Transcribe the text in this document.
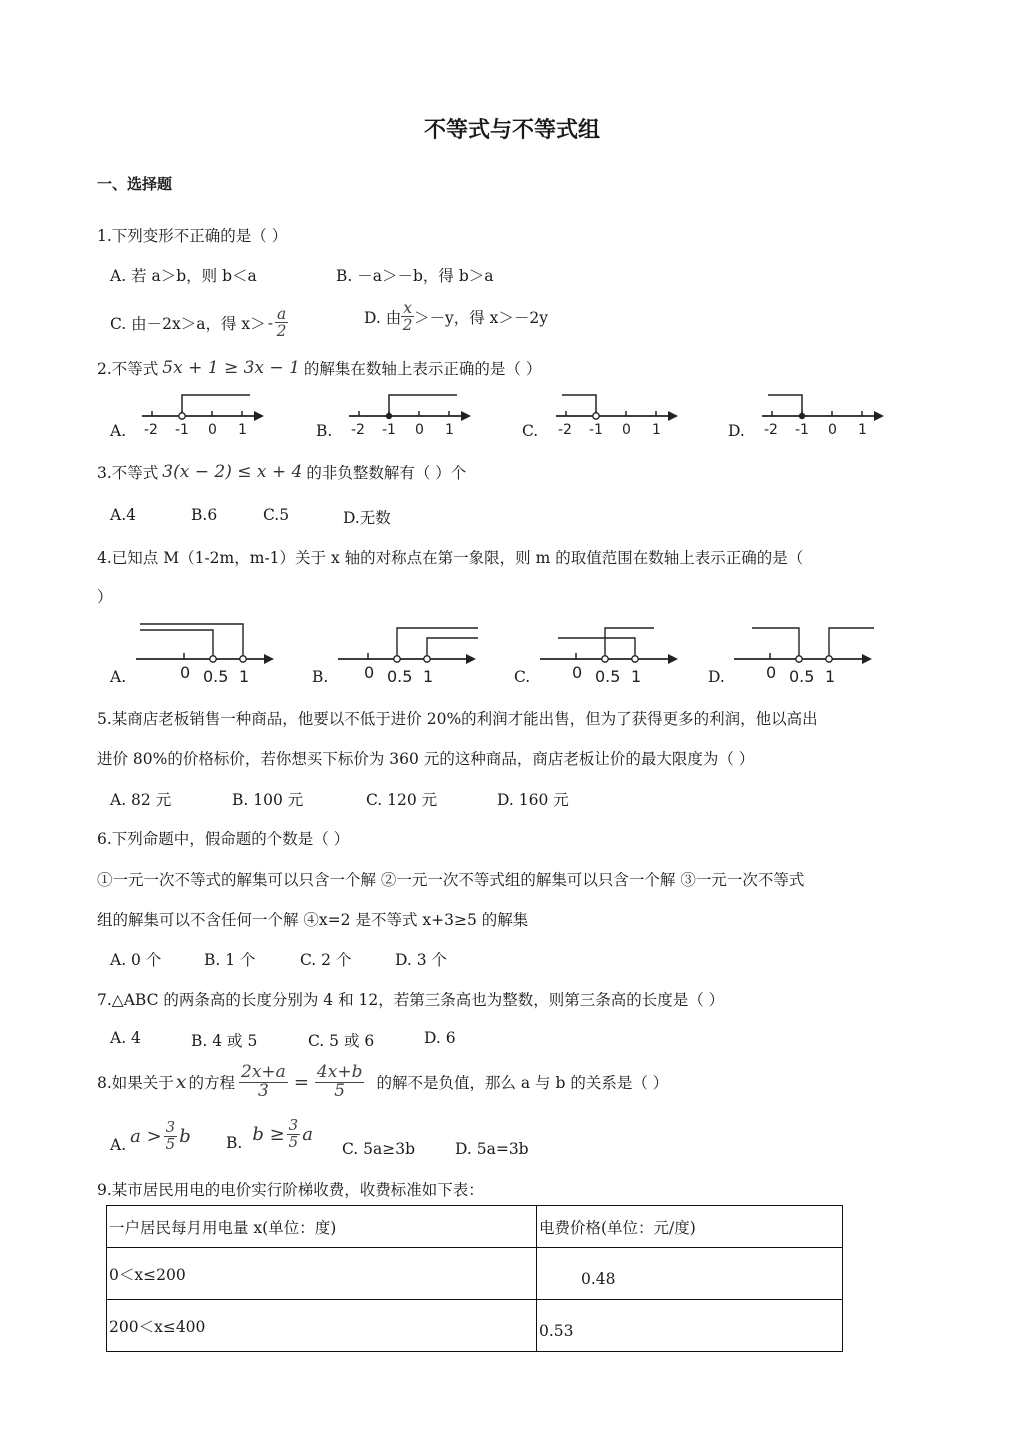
不等式与不等式组
一、选择题
1.下列变形不正确的是（ ）
A. 若 a＞b，则 b＜a	B. －a＞－b，得 b＞a
C. 由－2x＞a，得 $x> - \frac{a}{2}$	D. 由 $\frac{x}{2} >-y$，得 x＞－2y
2.不等式 5x + 1 ≥ 3x − 1 的解集在数轴上表示正确的是（ ）
A.	B.	C.	D.
-2 -1 0 1	-2 -1 0 1	-2 -1 0 1	-2 -1 0 1
3.不等式 3(x − 2) ≤ x + 4 的非负整数解有（ ）个
A.4	B.6	C.5	D.无数
4.已知点 M（1-2m，m-1）关于 x 轴的对称点在第一象限，则 m 的取值范围在数轴上表示正确的是（
）
A.	B.	C.	D.
0 0.5 1	0 0.5 1	0 0.5 1	0 0.5 1
5.某商店老板销售一种商品，他要以不低于进价 20%的利润才能出售，但为了获得更多的利润，他以高出
进价 80%的价格标价，若你想买下标价为 360 元的这种商品，商店老板让价的最大限度为（ ）
A. 82 元	B. 100 元	C. 120 元	D. 160 元
6.下列命题中，假命题的个数是（ ）
①一元一次不等式的解集可以只含一个解 ②一元一次不等式组的解集可以只含一个解 ③一元一次不等式
组的解集可以不含任何一个解 ④x=2 是不等式 x+3≥5 的解集
A. 0 个	B. 1 个	C. 2 个	D. 3 个
7.△ABC 的两条高的长度分别为 4 和 12，若第三条高也为整数，则第三条高的长度是（ ）
A. 4	B. 4 或 5	C. 5 或 6	D. 6
8.如果关于 x 的方程 $\frac{2x+a}{3} = \frac{4x+b}{5}$ 的解不是负值，那么 a 与 b 的关系是（ ）
A. $a > \frac{3}{5}$ b B. $b \ge \frac{3}{5}$ a
C. 5a≥3b	D. 5a=3b
9.某市居民用电的电价实行阶梯收费，收费标准如下表：
一户居民每月用电量 x(单位：度)	电费价格(单位：元/度)
0＜x≤200	0.48
200＜x≤400	0.53
